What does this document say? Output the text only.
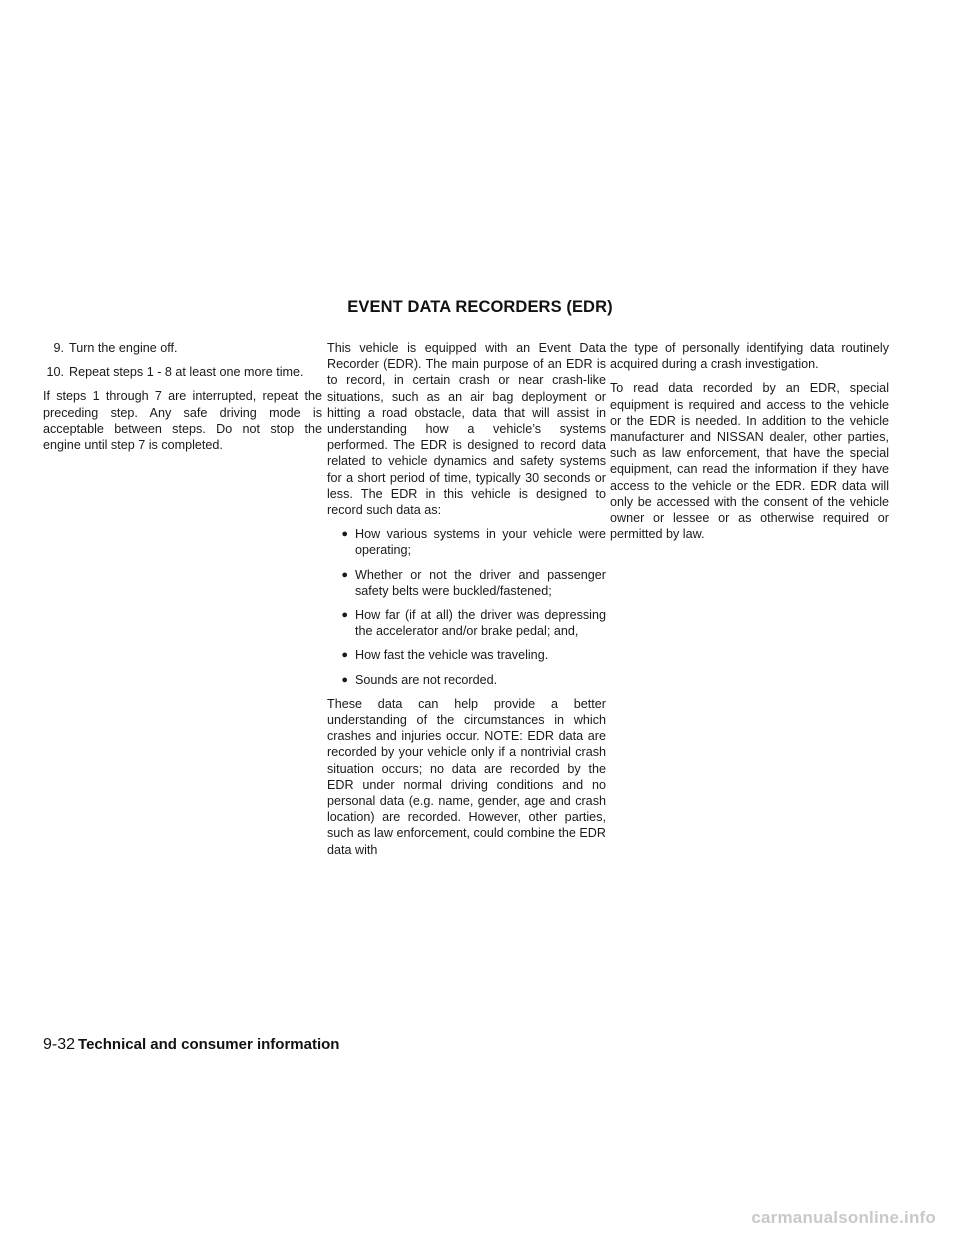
EVENT DATA RECORDERS (EDR)
9. Turn the engine off.
10. Repeat steps 1 - 8 at least one more time.

If steps 1 through 7 are interrupted, repeat the preceding step. Any safe driving mode is acceptable between steps. Do not stop the engine until step 7 is completed.

This vehicle is equipped with an Event Data Recorder (EDR). The main purpose of an EDR is to record, in certain crash or near crash-like situations, such as an air bag deployment or hitting a road obstacle, data that will assist in understanding how a vehicle’s systems performed. The EDR is designed to record data related to vehicle dynamics and safety systems for a short period of time, typically 30 seconds or less. The EDR in this vehicle is designed to record such data as:

● How various systems in your vehicle were operating;
● Whether or not the driver and passenger safety belts were buckled/fastened;
● How far (if at all) the driver was depressing the accelerator and/or brake pedal; and,
● How fast the vehicle was traveling.
● Sounds are not recorded.

These data can help provide a better understanding of the circumstances in which crashes and injuries occur. NOTE: EDR data are recorded by your vehicle only if a nontrivial crash situation occurs; no data are recorded by the EDR under normal driving conditions and no personal data (e.g. name, gender, age and crash location) are recorded. However, other parties, such as law enforcement, could combine the EDR data with

the type of personally identifying data routinely acquired during a crash investigation.

To read data recorded by an EDR, special equipment is required and access to the vehicle or the EDR is needed. In addition to the vehicle manufacturer and NISSAN dealer, other parties, such as law enforcement, that have the special equipment, can read the information if they have access to the vehicle or the EDR. EDR data will only be accessed with the consent of the vehicle owner or lessee or as otherwise required or permitted by law.

9-32 Technical and consumer information
carmanualsonline.info
